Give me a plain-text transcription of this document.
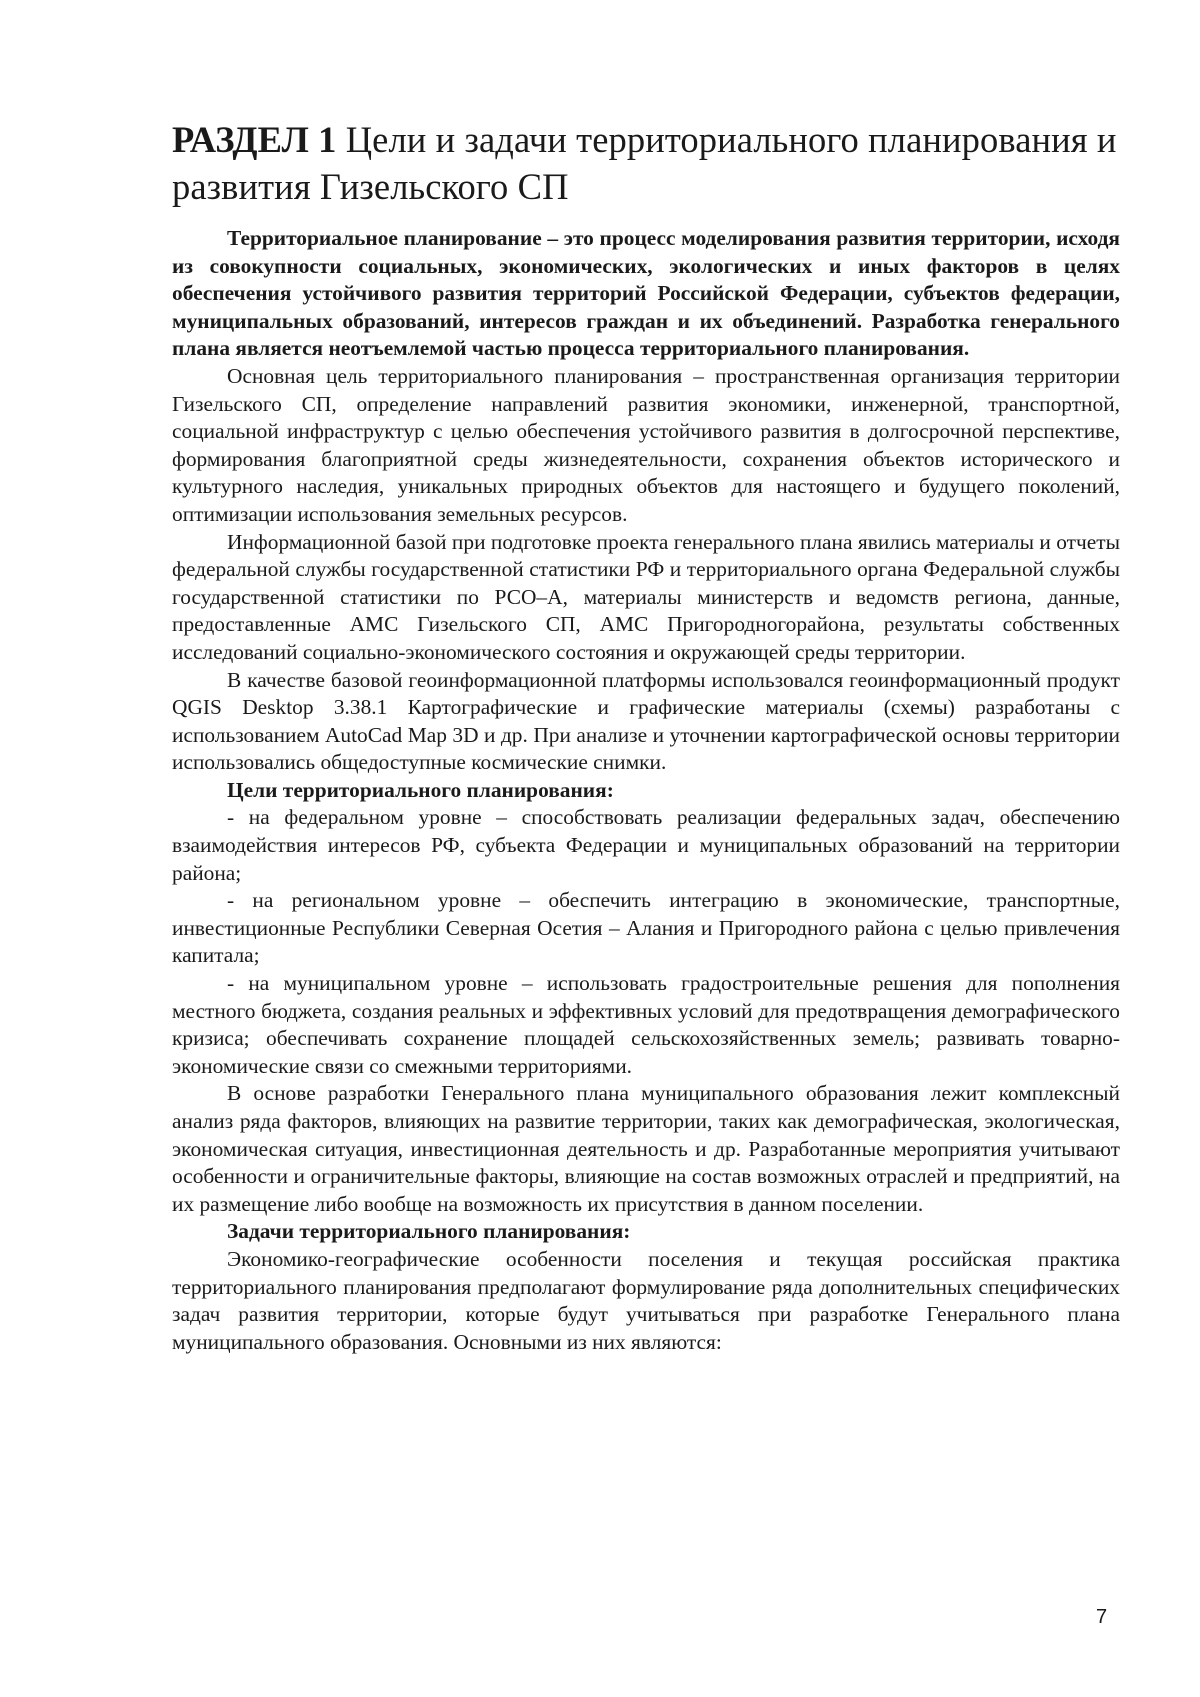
РАЗДЕЛ 1 Цели и задачи территориального планирования и развития Гизельского СП

Территориальное планирование – это процесс моделирования развития территории, исходя из совокупности социальных, экономических, экологических и иных факторов в целях обеспечения устойчивого развития территорий Российской Федерации, субъектов федерации, муниципальных образований, интересов граждан и их объединений. Разработка генерального плана является неотъемлемой частью процесса территориального планирования.

Основная цель территориального планирования – пространственная организация территории Гизельского СП, определение направлений развития экономики, инженерной, транспортной, социальной инфраструктур с целью обеспечения устойчивого развития в долгосрочной перспективе, формирования благоприятной среды жизнедеятельности, сохранения объектов исторического и культурного наследия, уникальных природных объектов для настоящего и будущего поколений, оптимизации использования земельных ресурсов.

Информационной базой при подготовке проекта генерального плана явились материалы и отчеты федеральной службы государственной статистики РФ и территориального органа Федеральной службы государственной статистики по РСО–А, материалы министерств и ведомств региона, данные, предоставленные АМС Гизельского СП, АМС Пригородногорайона, результаты собственных исследований социально-экономического состояния и окружающей среды территории.

В качестве базовой геоинформационной платформы использовался геоинформационный продукт QGIS Desktop 3.38.1 Картографические и графические материалы (схемы) разработаны с использованием AutoCad Map 3D и др. При анализе и уточнении картографической основы территории использовались общедоступные космические снимки.

Цели территориального планирования:

- на федеральном уровне – способствовать реализации федеральных задач, обеспечению взаимодействия интересов РФ, субъекта Федерации и муниципальных образований на территории района;

- на региональном уровне – обеспечить интеграцию в экономические, транспортные, инвестиционные Республики Северная Осетия – Алания и Пригородного района с целью привлечения капитала;

- на муниципальном уровне – использовать градостроительные решения для пополнения местного бюджета, создания реальных и эффективных условий для предотвращения демографического кризиса; обеспечивать сохранение площадей сельскохозяйственных земель; развивать товарно-экономические связи со смежными территориями.

В основе разработки Генерального плана муниципального образования лежит комплексный анализ ряда факторов, влияющих на развитие территории, таких как демографическая, экологическая, экономическая ситуация, инвестиционная деятельность и др. Разработанные мероприятия учитывают особенности и ограничительные факторы, влияющие на состав возможных отраслей и предприятий, на их размещение либо вообще на возможность их присутствия в данном поселении.

Задачи территориального планирования:

Экономико-географические особенности поселения и текущая российская практика территориального планирования предполагают формулирование ряда дополнительных специфических задач развития территории, которые будут учитываться при разработке Генерального плана муниципального образования. Основными из них являются:

7
